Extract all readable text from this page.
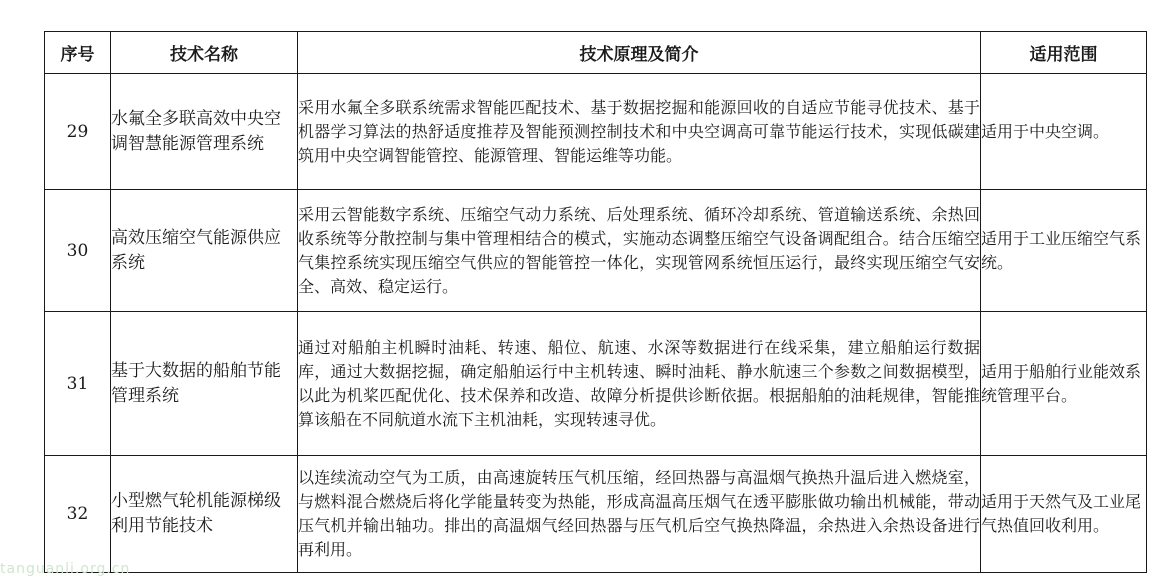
序号	技术名称	技术原理及简介	适用范围
29	水氟全多联高效中央空调智慧能源管理系统	采用水氟全多联系统需求智能匹配技术、基于数据挖掘和能源回收的自适应节能寻优技术、基于机器学习算法的热舒适度推荐及智能预测控制技术和中央空调高可靠节能运行技术，实现低碳建筑用中央空调智能管控、能源管理、智能运维等功能。	适用于中央空调。
30	高效压缩空气能源供应系统	采用云智能数字系统、压缩空气动力系统、后处理系统、循环冷却系统、管道输送系统、余热回收系统等分散控制与集中管理相结合的模式，实施动态调整压缩空气设备调配组合。结合压缩空气集控系统实现压缩空气供应的智能管控一体化，实现管网系统恒压运行，最终实现压缩空气安全、高效、稳定运行。	适用于工业压缩空气系统。
31	基于大数据的船舶节能管理系统	通过对船舶主机瞬时油耗、转速、船位、航速、水深等数据进行在线采集，建立船舶运行数据库，通过大数据挖掘，确定船舶运行中主机转速、瞬时油耗、静水航速三个参数之间数据模型，以此为机桨匹配优化、技术保养和改造、故障分析提供诊断依据。根据船舶的油耗规律，智能推算该船在不同航道水流下主机油耗，实现转速寻优。	适用于船舶行业能效系统管理平台。
32	小型燃气轮机能源梯级利用节能技术	以连续流动空气为工质，由高速旋转压气机压缩，经回热器与高温烟气换热升温后进入燃烧室，与燃料混合燃烧后将化学能量转变为热能，形成高温高压烟气在透平膨胀做功输出机械能，带动压气机并输出轴功。排出的高温烟气经回热器与压气机后空气换热降温，余热进入余热设备进行再利用。	适用于天然气及工业尾气热值回收利用。
tanguanli.org.cn
